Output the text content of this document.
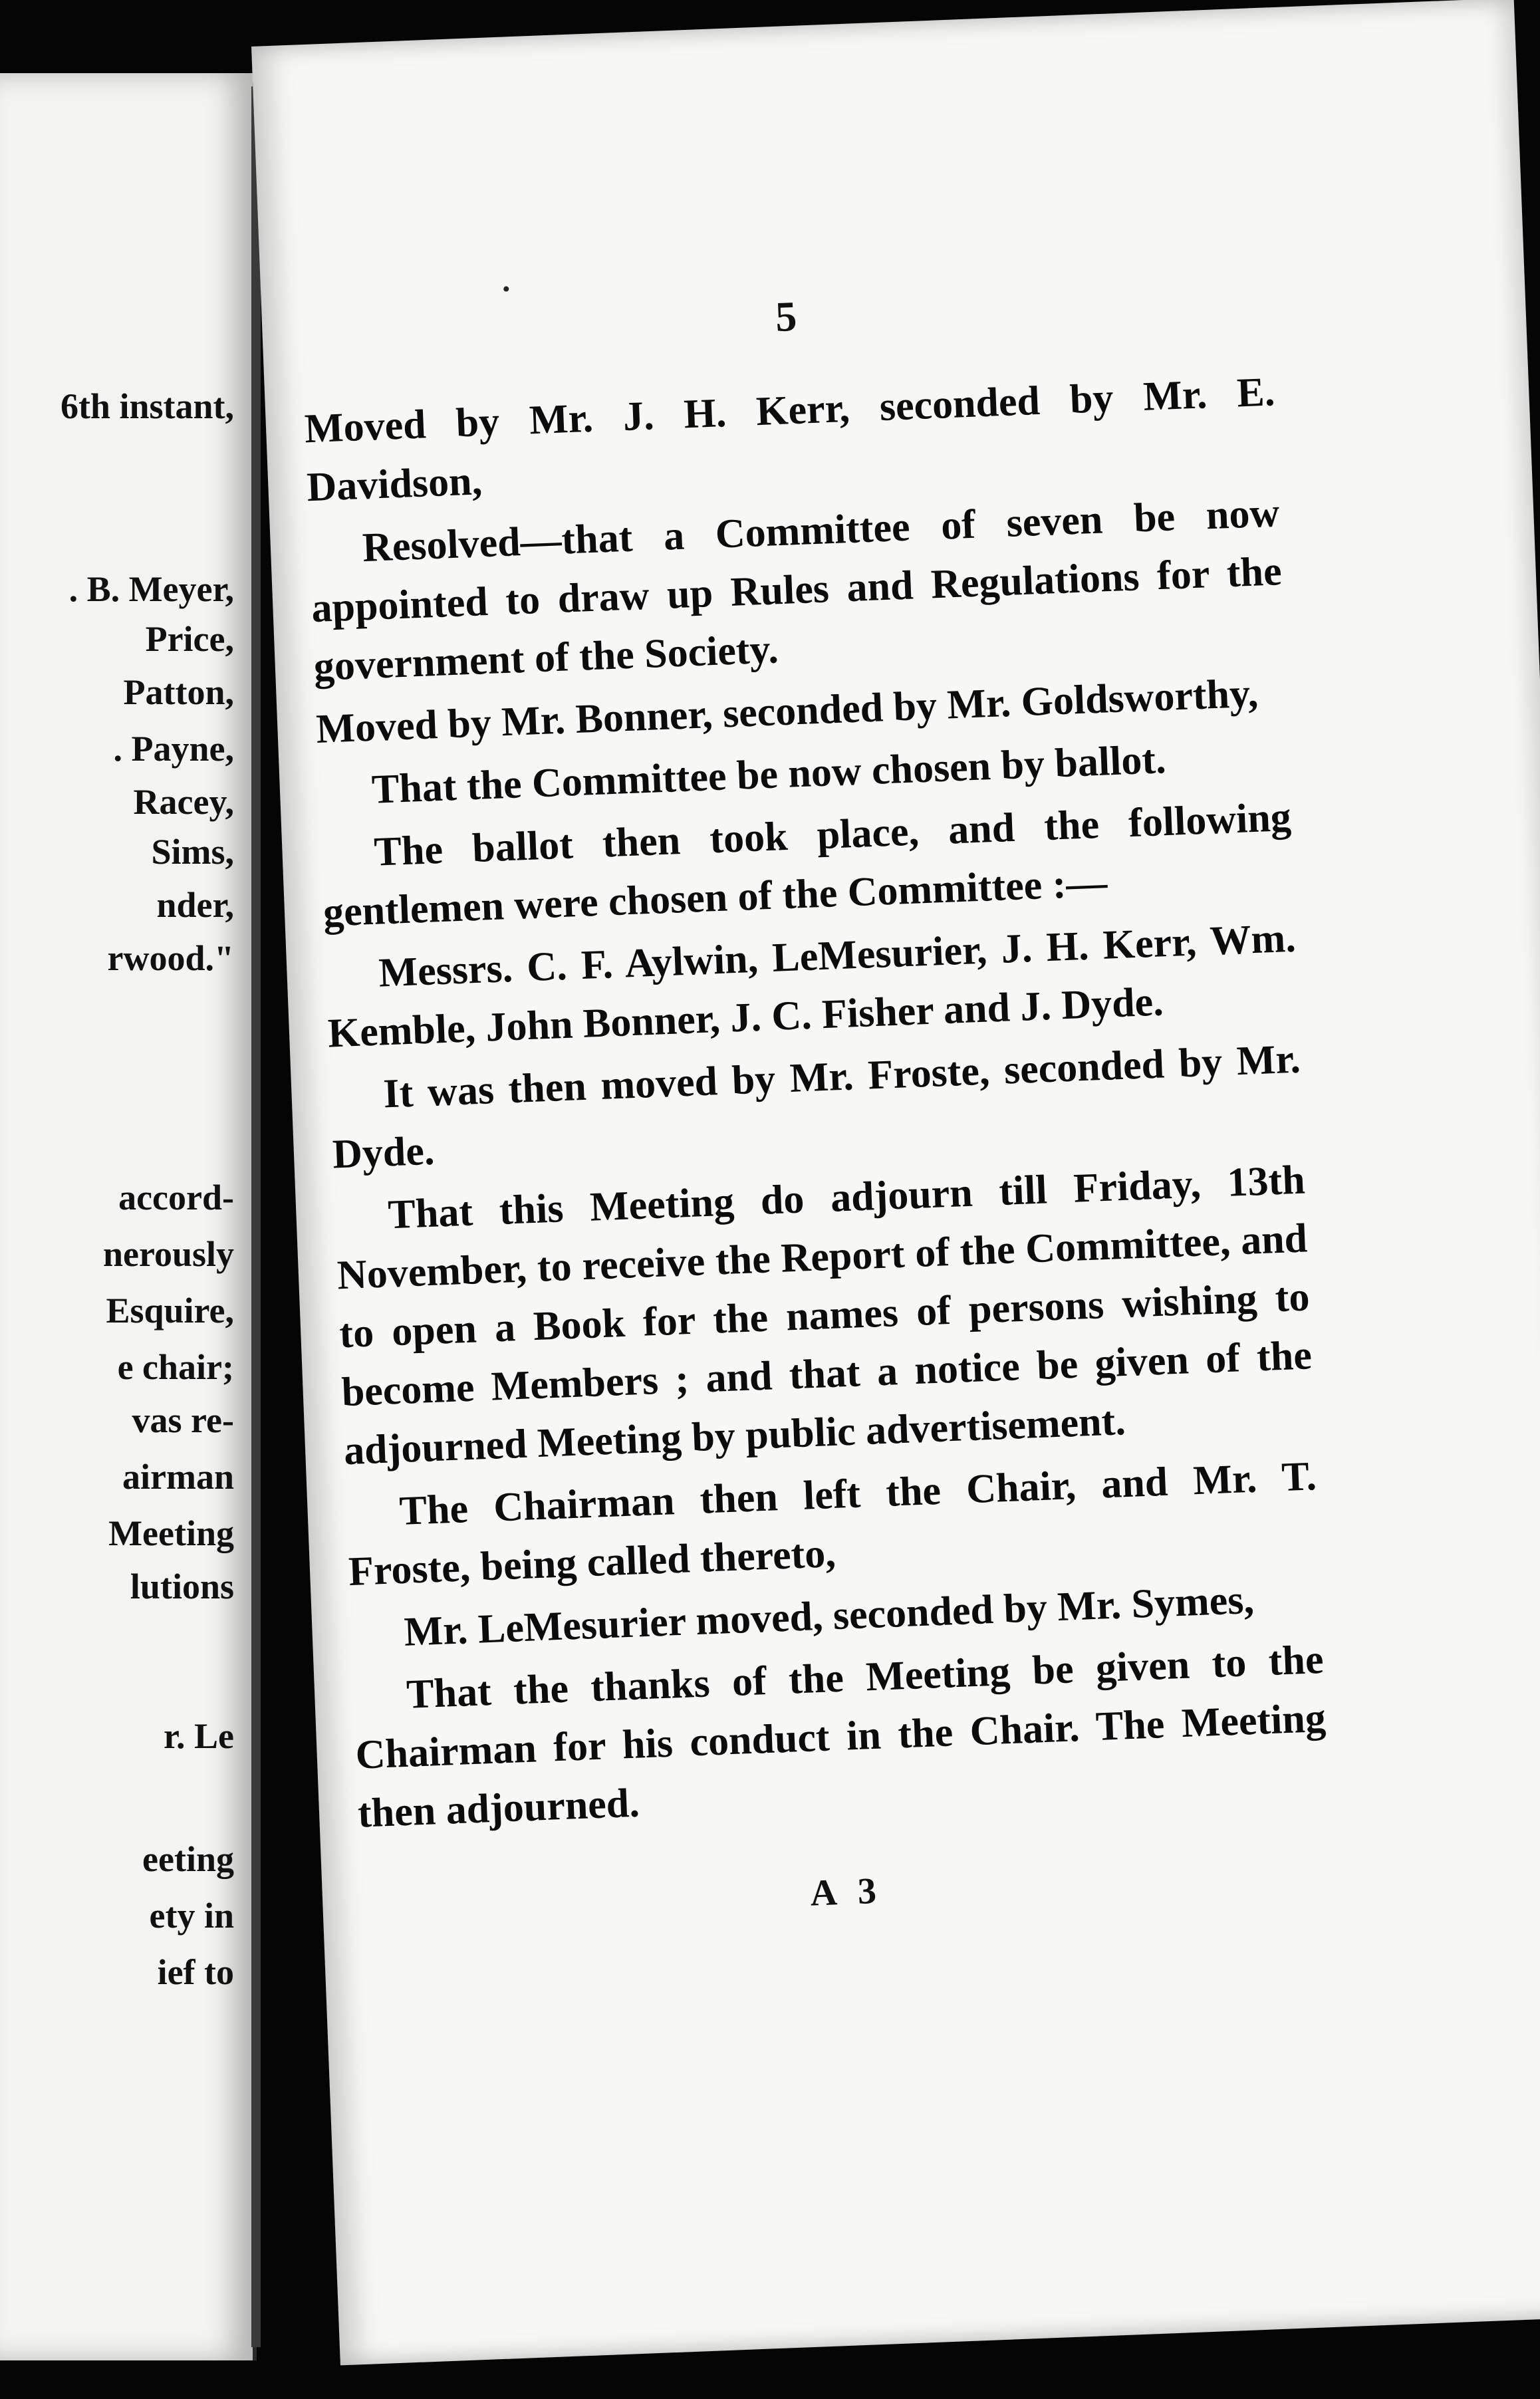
6th instant,

. B. Meyer,

Price,

Patton,

. Payne,

Racey,

Sims,

nder,

rwood."

accord-

nerously

Esquire,

e chair;

vas re-

airman

Meeting

lutions

r. Le

eeting

ety in

ief to

5

Moved by Mr. J. H. Kerr, seconded by Mr. E. Davidson,

Resolved—that a Committee of seven be now appointed to draw up Rules and Regulations for the government of the Society.

Moved by Mr. Bonner, seconded by Mr. Goldsworthy,

That the Committee be now chosen by ballot.

The ballot then took place, and the following gentlemen were chosen of the Committee :—

Messrs. C. F. Aylwin, LeMesurier, J. H. Kerr, Wm. Kemble, John Bonner, J. C. Fisher and J. Dyde.

It was then moved by Mr. Froste, seconded by Mr. Dyde.

That this Meeting do adjourn till Friday, 13th November, to receive the Report of the Committee, and to open a Book for the names of persons wishing to become Members ; and that a notice be given of the adjourned Meeting by public advertisement.

The Chairman then left the Chair, and Mr. T. Froste, being called thereto,

Mr. LeMesurier moved, seconded by Mr. Symes,

That the thanks of the Meeting be given to the Chairman for his conduct in the Chair. The Meeting then adjourned.

A 3
